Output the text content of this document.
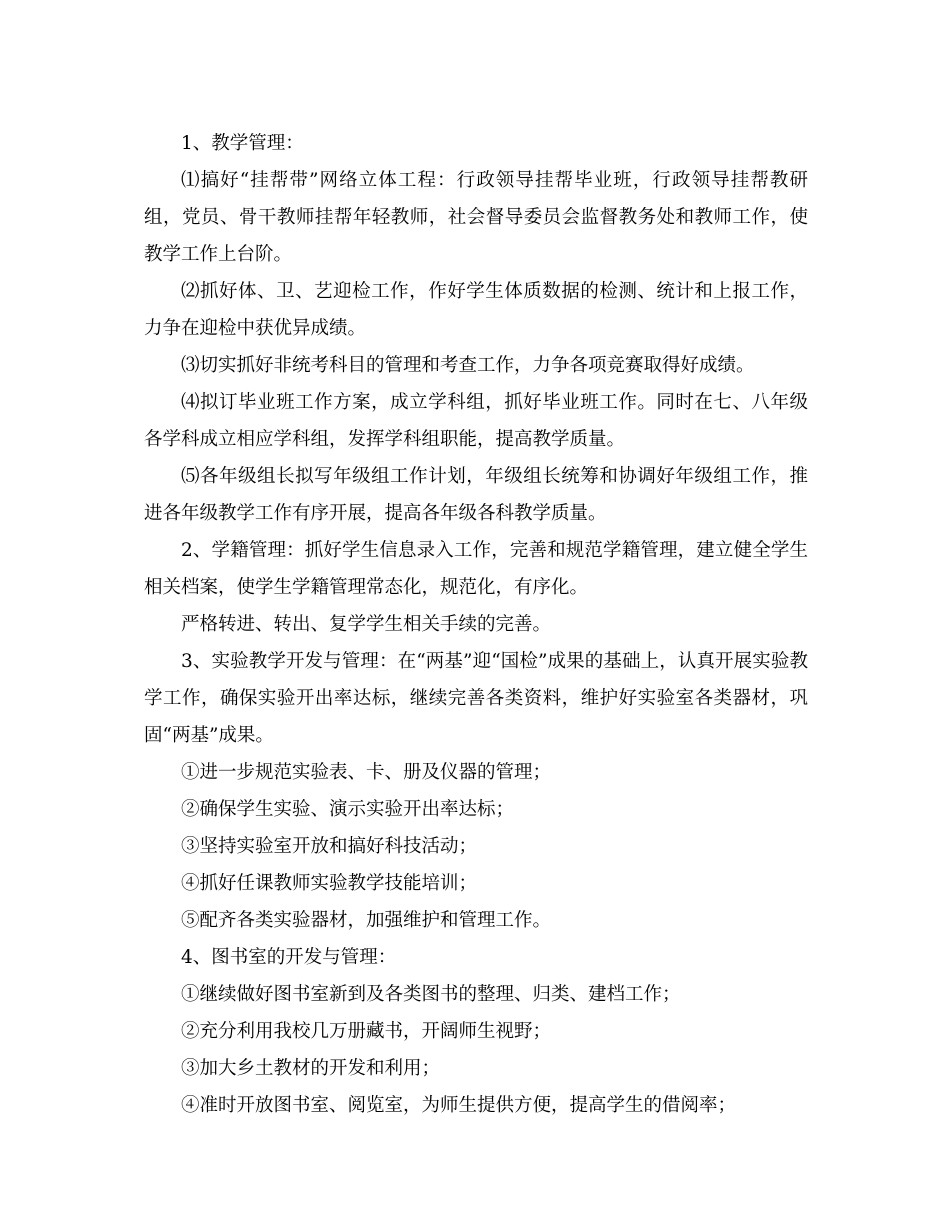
1、教学管理：

⑴搞好“挂帮带”网络立体工程：行政领导挂帮毕业班，行政领导挂帮教研组，党员、骨干教师挂帮年轻教师，社会督导委员会监督教务处和教师工作，使教学工作上台阶。

⑵抓好体、卫、艺迎检工作，作好学生体质数据的检测、统计和上报工作，力争在迎检中获优异成绩。

⑶切实抓好非统考科目的管理和考查工作，力争各项竞赛取得好成绩。

⑷拟订毕业班工作方案，成立学科组，抓好毕业班工作。同时在七、八年级各学科成立相应学科组，发挥学科组职能，提高教学质量。

⑸各年级组长拟写年级组工作计划，年级组长统筹和协调好年级组工作，推进各年级教学工作有序开展，提高各年级各科教学质量。

2、学籍管理：抓好学生信息录入工作，完善和规范学籍管理，建立健全学生相关档案，使学生学籍管理常态化，规范化，有序化。

严格转进、转出、复学学生相关手续的完善。

3、实验教学开发与管理：在“两基”迎“国检”成果的基础上，认真开展实验教学工作，确保实验开出率达标，继续完善各类资料，维护好实验室各类器材，巩固“两基”成果。

①进一步规范实验表、卡、册及仪器的管理；

②确保学生实验、演示实验开出率达标；

③坚持实验室开放和搞好科技活动；

④抓好任课教师实验教学技能培训；

⑤配齐各类实验器材，加强维护和管理工作。

4、图书室的开发与管理：

①继续做好图书室新到及各类图书的整理、归类、建档工作；

②充分利用我校几万册藏书，开阔师生视野；

③加大乡土教材的开发和利用；

④准时开放图书室、阅览室，为师生提供方便，提高学生的借阅率；
